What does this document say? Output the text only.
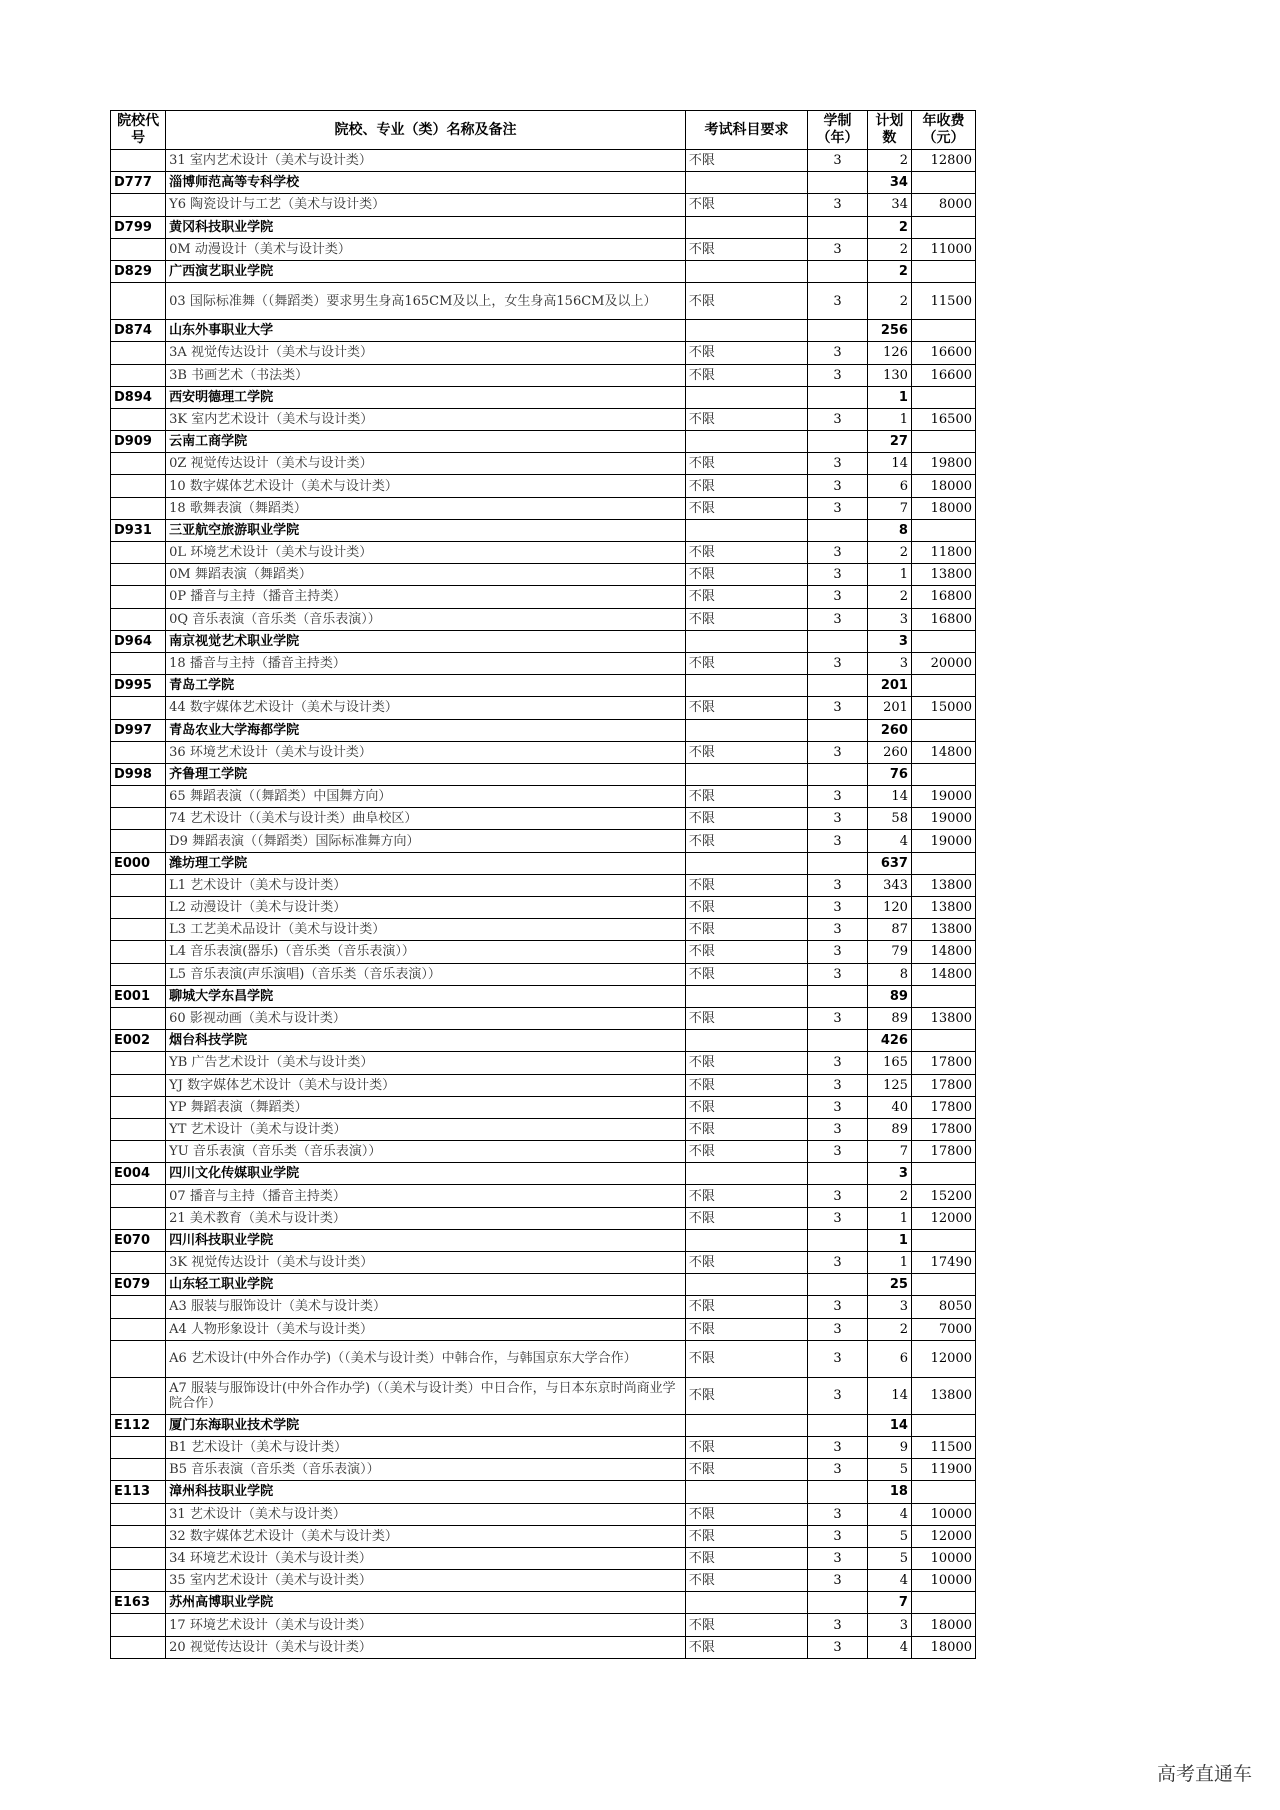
院校代号	院校、专业（类）名称及备注	考试科目要求	学制（年）	计划数	年收费（元）
	31 室内艺术设计（美术与设计类）	不限	3	2	12800
D777	淄博师范高等专科学校			34	
	Y6 陶瓷设计与工艺（美术与设计类）	不限	3	34	8000
D799	黄冈科技职业学院			2	
	0M 动漫设计（美术与设计类）	不限	3	2	11000
D829	广西演艺职业学院			2	
	03 国际标准舞（（舞蹈类）要求男生身高165CM及以上，女生身高156CM及以上）	不限	3	2	11500
D874	山东外事职业大学			256	
	3A 视觉传达设计（美术与设计类）	不限	3	126	16600
	3B 书画艺术（书法类）	不限	3	130	16600
D894	西安明德理工学院			1	
	3K 室内艺术设计（美术与设计类）	不限	3	1	16500
D909	云南工商学院			27	
	0Z 视觉传达设计（美术与设计类）	不限	3	14	19800
	10 数字媒体艺术设计（美术与设计类）	不限	3	6	18000
	18 歌舞表演（舞蹈类）	不限	3	7	18000
D931	三亚航空旅游职业学院			8	
	0L 环境艺术设计（美术与设计类）	不限	3	2	11800
	0M 舞蹈表演（舞蹈类）	不限	3	1	13800
	0P 播音与主持（播音主持类）	不限	3	2	16800
	0Q 音乐表演（音乐类（音乐表演））	不限	3	3	16800
D964	南京视觉艺术职业学院			3	
	18 播音与主持（播音主持类）	不限	3	3	20000
D995	青岛工学院			201	
	44 数字媒体艺术设计（美术与设计类）	不限	3	201	15000
D997	青岛农业大学海都学院			260	
	36 环境艺术设计（美术与设计类）	不限	3	260	14800
D998	齐鲁理工学院			76	
	65 舞蹈表演（（舞蹈类）中国舞方向）	不限	3	14	19000
	74 艺术设计（（美术与设计类）曲阜校区）	不限	3	58	19000
	D9 舞蹈表演（（舞蹈类）国际标准舞方向）	不限	3	4	19000
E000	潍坊理工学院			637	
	L1 艺术设计（美术与设计类）	不限	3	343	13800
	L2 动漫设计（美术与设计类）	不限	3	120	13800
	L3 工艺美术品设计（美术与设计类）	不限	3	87	13800
	L4 音乐表演(器乐)（音乐类（音乐表演））	不限	3	79	14800
	L5 音乐表演(声乐演唱)（音乐类（音乐表演））	不限	3	8	14800
E001	聊城大学东昌学院			89	
	60 影视动画（美术与设计类）	不限	3	89	13800
E002	烟台科技学院			426	
	YB 广告艺术设计（美术与设计类）	不限	3	165	17800
	YJ 数字媒体艺术设计（美术与设计类）	不限	3	125	17800
	YP 舞蹈表演（舞蹈类）	不限	3	40	17800
	YT 艺术设计（美术与设计类）	不限	3	89	17800
	YU 音乐表演（音乐类（音乐表演））	不限	3	7	17800
E004	四川文化传媒职业学院			3	
	07 播音与主持（播音主持类）	不限	3	2	15200
	21 美术教育（美术与设计类）	不限	3	1	12000
E070	四川科技职业学院			1	
	3K 视觉传达设计（美术与设计类）	不限	3	1	17490
E079	山东轻工职业学院			25	
	A3 服装与服饰设计（美术与设计类）	不限	3	3	8050
	A4 人物形象设计（美术与设计类）	不限	3	2	7000
	A6 艺术设计(中外合作办学)（（美术与设计类）中韩合作，与韩国京东大学合作）	不限	3	6	12000
	A7 服装与服饰设计(中外合作办学)（（美术与设计类）中日合作，与日本东京时尚商业学院合作）	不限	3	14	13800
E112	厦门东海职业技术学院			14	
	B1 艺术设计（美术与设计类）	不限	3	9	11500
	B5 音乐表演（音乐类（音乐表演））	不限	3	5	11900
E113	漳州科技职业学院			18	
	31 艺术设计（美术与设计类）	不限	3	4	10000
	32 数字媒体艺术设计（美术与设计类）	不限	3	5	12000
	34 环境艺术设计（美术与设计类）	不限	3	5	10000
	35 室内艺术设计（美术与设计类）	不限	3	4	10000
E163	苏州高博职业学院			7	
	17 环境艺术设计（美术与设计类）	不限	3	3	18000
	20 视觉传达设计（美术与设计类）	不限	3	4	18000
高考直通车
